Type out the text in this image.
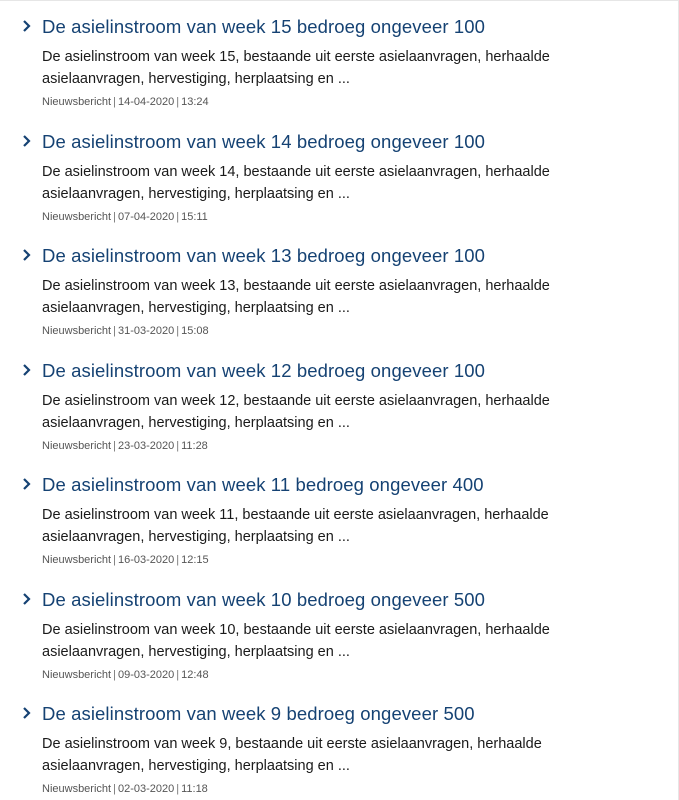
De asielinstroom van week 15 bedroeg ongeveer 100
De asielinstroom van week 15, bestaande uit eerste asielaanvragen, herhaalde asielaanvragen, hervestiging, herplaatsing en ...
Nieuwsbericht | 14-04-2020 | 13:24
De asielinstroom van week 14 bedroeg ongeveer 100
De asielinstroom van week 14, bestaande uit eerste asielaanvragen, herhaalde asielaanvragen, hervestiging, herplaatsing en ...
Nieuwsbericht | 07-04-2020 | 15:11
De asielinstroom van week 13 bedroeg ongeveer 100
De asielinstroom van week 13, bestaande uit eerste asielaanvragen, herhaalde asielaanvragen, hervestiging, herplaatsing en ...
Nieuwsbericht | 31-03-2020 | 15:08
De asielinstroom van week 12 bedroeg ongeveer 100
De asielinstroom van week 12, bestaande uit eerste asielaanvragen, herhaalde asielaanvragen, hervestiging, herplaatsing en ...
Nieuwsbericht | 23-03-2020 | 11:28
De asielinstroom van week 11 bedroeg ongeveer 400
De asielinstroom van week 11, bestaande uit eerste asielaanvragen, herhaalde asielaanvragen, hervestiging, herplaatsing en ...
Nieuwsbericht | 16-03-2020 | 12:15
De asielinstroom van week 10 bedroeg ongeveer 500
De asielinstroom van week 10, bestaande uit eerste asielaanvragen, herhaalde asielaanvragen, hervestiging, herplaatsing en ...
Nieuwsbericht | 09-03-2020 | 12:48
De asielinstroom van week 9 bedroeg ongeveer 500
De asielinstroom van week 9, bestaande uit eerste asielaanvragen, herhaalde asielaanvragen, hervestiging, herplaatsing en ...
Nieuwsbericht | 02-03-2020 | 11:18
